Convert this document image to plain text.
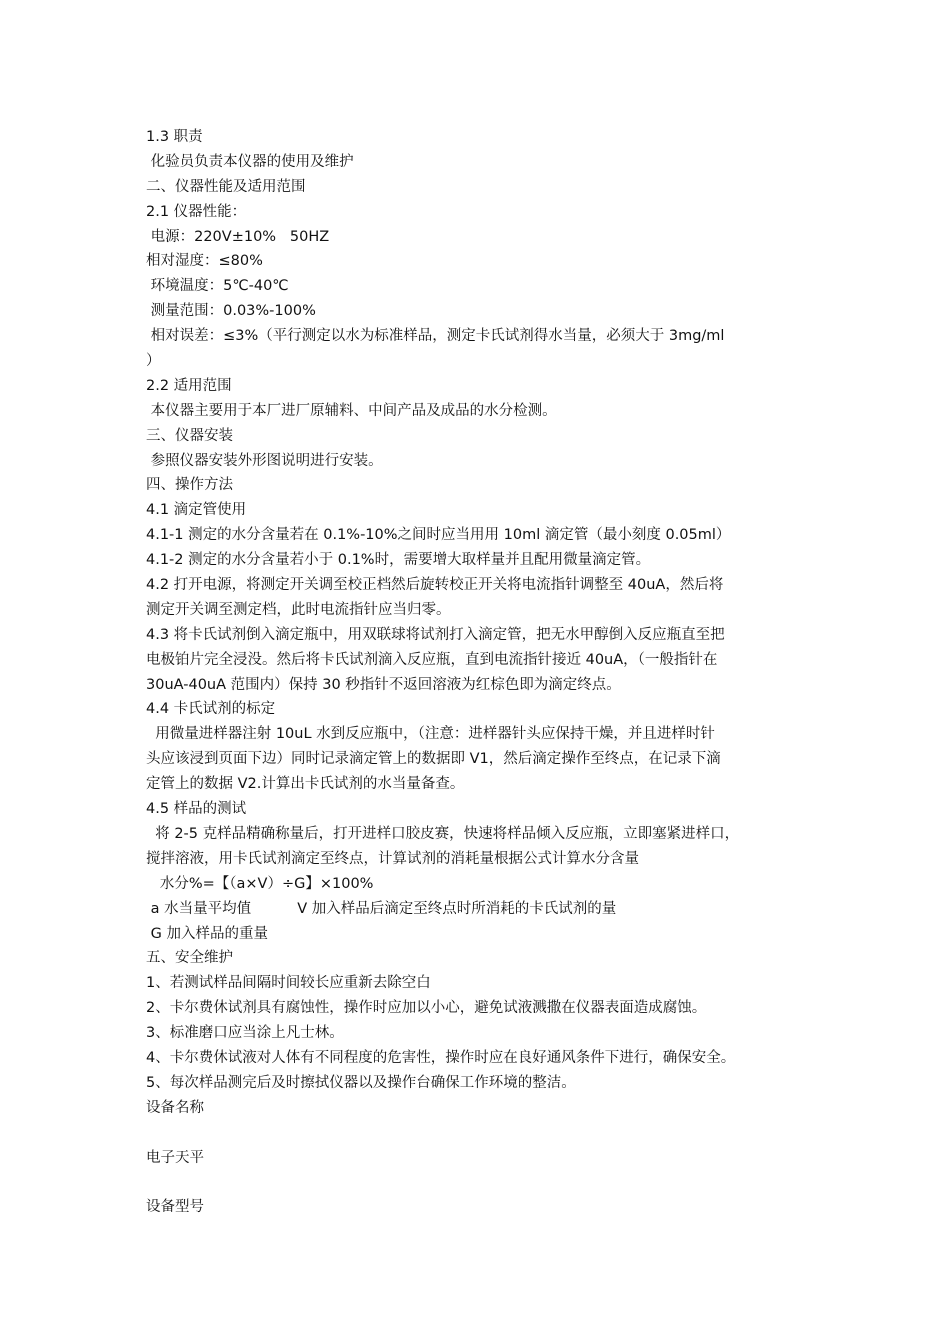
1.3 职责
化验员负责本仪器的使用及维护
二、仪器性能及适用范围
2.1 仪器性能：
电源：220V±10%   50HZ
相对湿度：≤80%
环境温度：5℃-40℃
测量范围：0.03%-100%
相对误差：≤3%（平行测定以水为标准样品，测定卡氏试剂得水当量，必须大于 3mg/ml
）
2.2 适用范围
本仪器主要用于本厂进厂原辅料、中间产品及成品的水分检测。
三、仪器安装
参照仪器安装外形图说明进行安装。
四、操作方法
4.1 滴定管使用
4.1-1 测定的水分含量若在 0.1%-10%之间时应当用用 10ml 滴定管（最小刻度 0.05ml）
4.1-2 测定的水分含量若小于 0.1%时，需要增大取样量并且配用微量滴定管。
4.2 打开电源，将测定开关调至校正档然后旋转校正开关将电流指针调整至 40uA，然后将
测定开关调至测定档，此时电流指针应当归零。
4.3 将卡氏试剂倒入滴定瓶中，用双联球将试剂打入滴定管，把无水甲醇倒入反应瓶直至把
电极铂片完全浸没。然后将卡氏试剂滴入反应瓶，直到电流指针接近 40uA，（一般指针在
30uA-40uA 范围内）保持 30 秒指针不返回溶液为红棕色即为滴定终点。
4.4 卡氏试剂的标定
用微量进样器注射 10uL 水到反应瓶中，（注意：进样器针头应保持干燥，并且进样时针
头应该浸到页面下边）同时记录滴定管上的数据即 V1，然后滴定操作至终点，在记录下滴
定管上的数据 V2.计算出卡氏试剂的水当量备查。
4.5 样品的测试
将 2-5 克样品精确称量后，打开进样口胶皮赛，快速将样品倾入反应瓶，立即塞紧进样口，
搅拌溶液，用卡氏试剂滴定至终点，计算试剂的消耗量根据公式计算水分含量
水分%=【（a×V）÷G】×100%
a 水当量平均值          V 加入样品后滴定至终点时所消耗的卡氏试剂的量
G 加入样品的重量
五、安全维护
1、若测试样品间隔时间较长应重新去除空白
2、卡尔费休试剂具有腐蚀性，操作时应加以小心，避免试液溅撒在仪器表面造成腐蚀。
3、标准磨口应当涂上凡士林。
4、卡尔费休试液对人体有不同程度的危害性，操作时应在良好通风条件下进行，确保安全。
5、每次样品测完后及时擦拭仪器以及操作台确保工作环境的整洁。
设备名称
电子天平
设备型号
